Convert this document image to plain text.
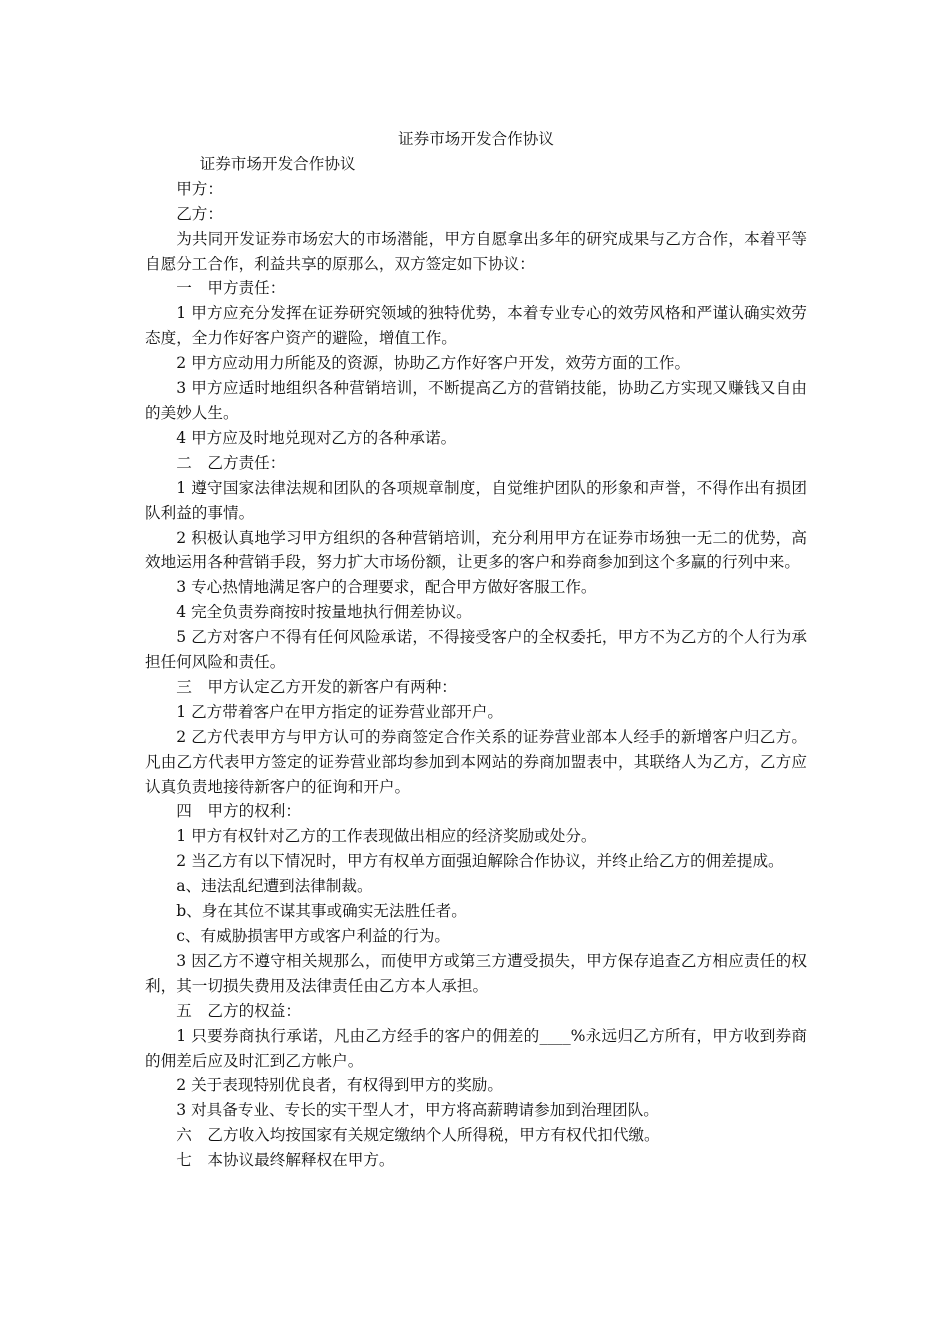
证券市场开发合作协议

证券市场开发合作协议

甲方：

乙方：

为共同开发证券市场宏大的市场潜能，甲方自愿拿出多年的研究成果与乙方合作，本着平等自愿分工合作，利益共享的原那么，双方签定如下协议：

一　甲方责任：

1 甲方应充分发挥在证券研究领域的独特优势，本着专业专心的效劳风格和严谨认确实效劳态度，全力作好客户资产的避险，增值工作。

2 甲方应动用力所能及的资源，协助乙方作好客户开发，效劳方面的工作。

3 甲方应适时地组织各种营销培训，不断提高乙方的营销技能，协助乙方实现又赚钱又自由的美妙人生。

4 甲方应及时地兑现对乙方的各种承诺。

二　乙方责任：

1 遵守国家法律法规和团队的各项规章制度，自觉维护团队的形象和声誉，不得作出有损团队利益的事情。

2 积极认真地学习甲方组织的各种营销培训，充分利用甲方在证券市场独一无二的优势，高效地运用各种营销手段，努力扩大市场份额，让更多的客户和券商参加到这个多赢的行列中来。

3 专心热情地满足客户的合理要求，配合甲方做好客服工作。

4 完全负责券商按时按量地执行佣差协议。

5 乙方对客户不得有任何风险承诺，不得接受客户的全权委托，甲方不为乙方的个人行为承担任何风险和责任。

三　甲方认定乙方开发的新客户有两种：

1 乙方带着客户在甲方指定的证券营业部开户。

2 乙方代表甲方与甲方认可的券商签定合作关系的证券营业部本人经手的新增客户归乙方。凡由乙方代表甲方签定的证券营业部均参加到本网站的券商加盟表中，其联络人为乙方，乙方应认真负责地接待新客户的征询和开户。

四　甲方的权利：

1 甲方有权针对乙方的工作表现做出相应的经济奖励或处分。

2 当乙方有以下情况时，甲方有权单方面强迫解除合作协议，并终止给乙方的佣差提成。

a、违法乱纪遭到法律制裁。

b、身在其位不谋其事或确实无法胜任者。

c、有威胁损害甲方或客户利益的行为。

3 因乙方不遵守相关规那么，而使甲方或第三方遭受损失，甲方保存追查乙方相应责任的权利，其一切损失费用及法律责任由乙方本人承担。

五　乙方的权益：

1 只要券商执行承诺，凡由乙方经手的客户的佣差的____%永远归乙方所有，甲方收到券商的佣差后应及时汇到乙方帐户。

2 关于表现特别优良者，有权得到甲方的奖励。

3 对具备专业、专长的实干型人才，甲方将高薪聘请参加到治理团队。

六　乙方收入均按国家有关规定缴纳个人所得税，甲方有权代扣代缴。

七　本协议最终解释权在甲方。
